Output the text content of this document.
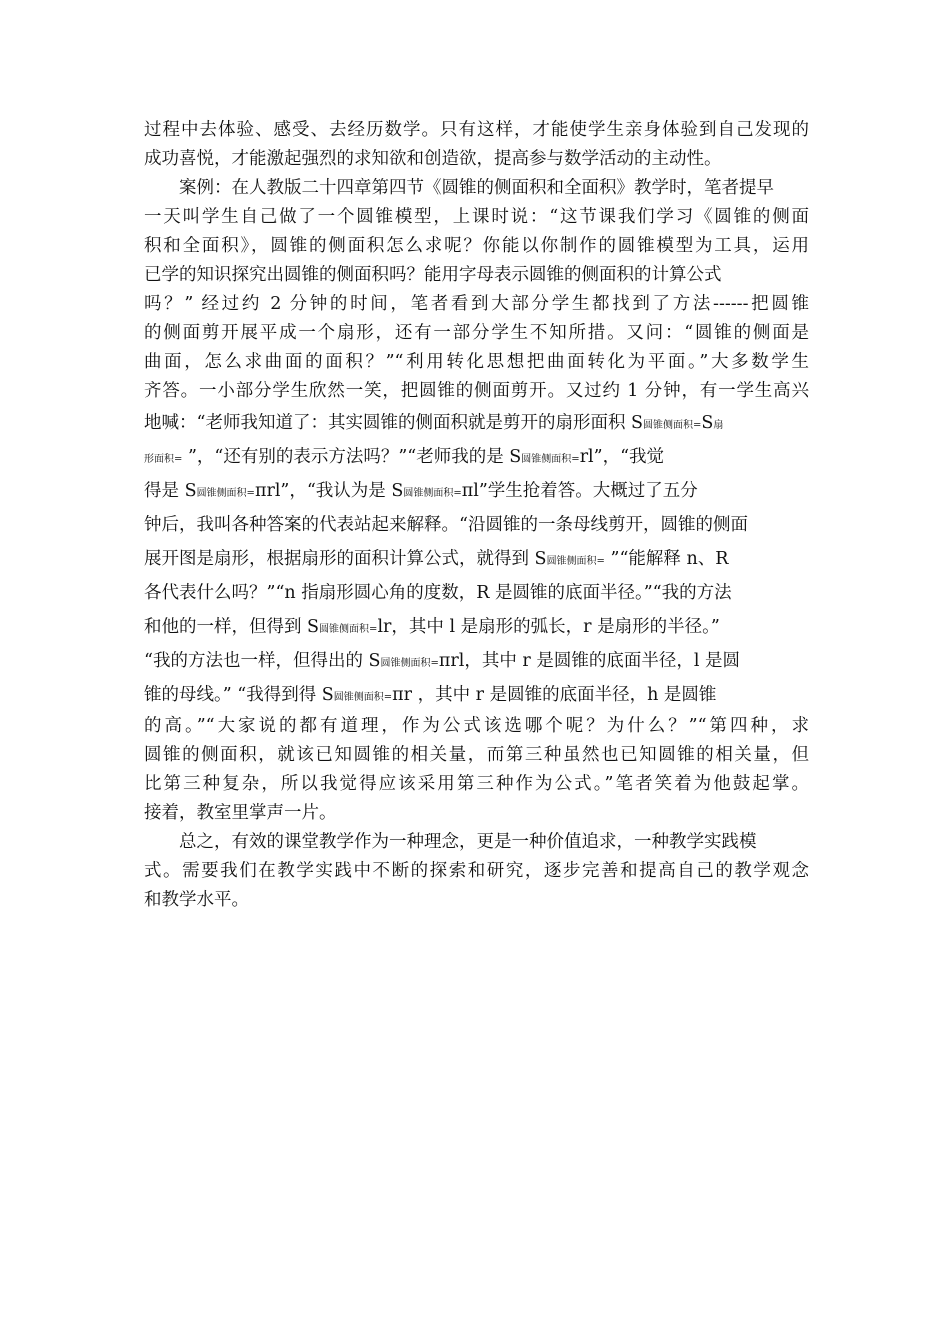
过程中去体验、感受、去经历数学。只有这样，才能使学生亲身体验到自己发现的
成功喜悦，才能激起强烈的求知欲和创造欲，提高参与数学活动的主动性。
案例：在人教版二十四章第四节《圆锥的侧面积和全面积》教学时，笔者提早
一天叫学生自己做了一个圆锥模型，上课时说：“这节课我们学习《圆锥的侧面
积和全面积》，圆锥的侧面积怎么求呢？你能以你制作的圆锥模型为工具，运用
已学的知识探究出圆锥的侧面积吗？能用字母表示圆锥的侧面积的计算公式
吗？” 经过约 2 分钟的时间，笔者看到大部分学生都找到了方法------把圆锥
的侧面剪开展平成一个扇形，还有一部分学生不知所措。又问：“圆锥的侧面是
曲面，怎么求曲面的面积？”“利用转化思想把曲面转化为平面。”大多数学生
齐答。一小部分学生欣然一笑，把圆锥的侧面剪开。又过约 1 分钟，有一学生高兴
地喊：“老师我知道了：其实圆锥的侧面积就是剪开的扇形面积 S圆锥侧面积=S扇
形面积= ”，“还有别的表示方法吗？”“老师我的是 S圆锥侧面积=rl”，“我觉
得是 S圆锥侧面积=πrl”，“我认为是 S圆锥侧面积=πl”学生抢着答。大概过了五分
钟后，我叫各种答案的代表站起来解释。“沿圆锥的一条母线剪开，圆锥的侧面
展开图是扇形，根据扇形的面积计算公式，就得到 S圆锥侧面积= ”“能解释 n、R
各代表什么吗？”“n 指扇形圆心角的度数，R 是圆锥的底面半径。”“我的方法
和他的一样，但得到 S圆锥侧面积=lr，其中 l 是扇形的弧长，r 是扇形的半径。”
“我的方法也一样，但得出的 S圆锥侧面积=πrl，其中 r 是圆锥的底面半径，l 是圆
锥的母线。” “我得到得 S圆锥侧面积=πr ，其中 r 是圆锥的底面半径，h 是圆锥
的高。”“大家说的都有道理，作为公式该选哪个呢？为什么？”“第四种，求
圆锥的侧面积，就该已知圆锥的相关量，而第三种虽然也已知圆锥的相关量，但
比第三种复杂，所以我觉得应该采用第三种作为公式。”笔者笑着为他鼓起掌。
接着，教室里掌声一片。
总之，有效的课堂教学作为一种理念，更是一种价值追求，一种教学实践模
式。需要我们在教学实践中不断的探索和研究，逐步完善和提高自己的教学观念
和教学水平。
